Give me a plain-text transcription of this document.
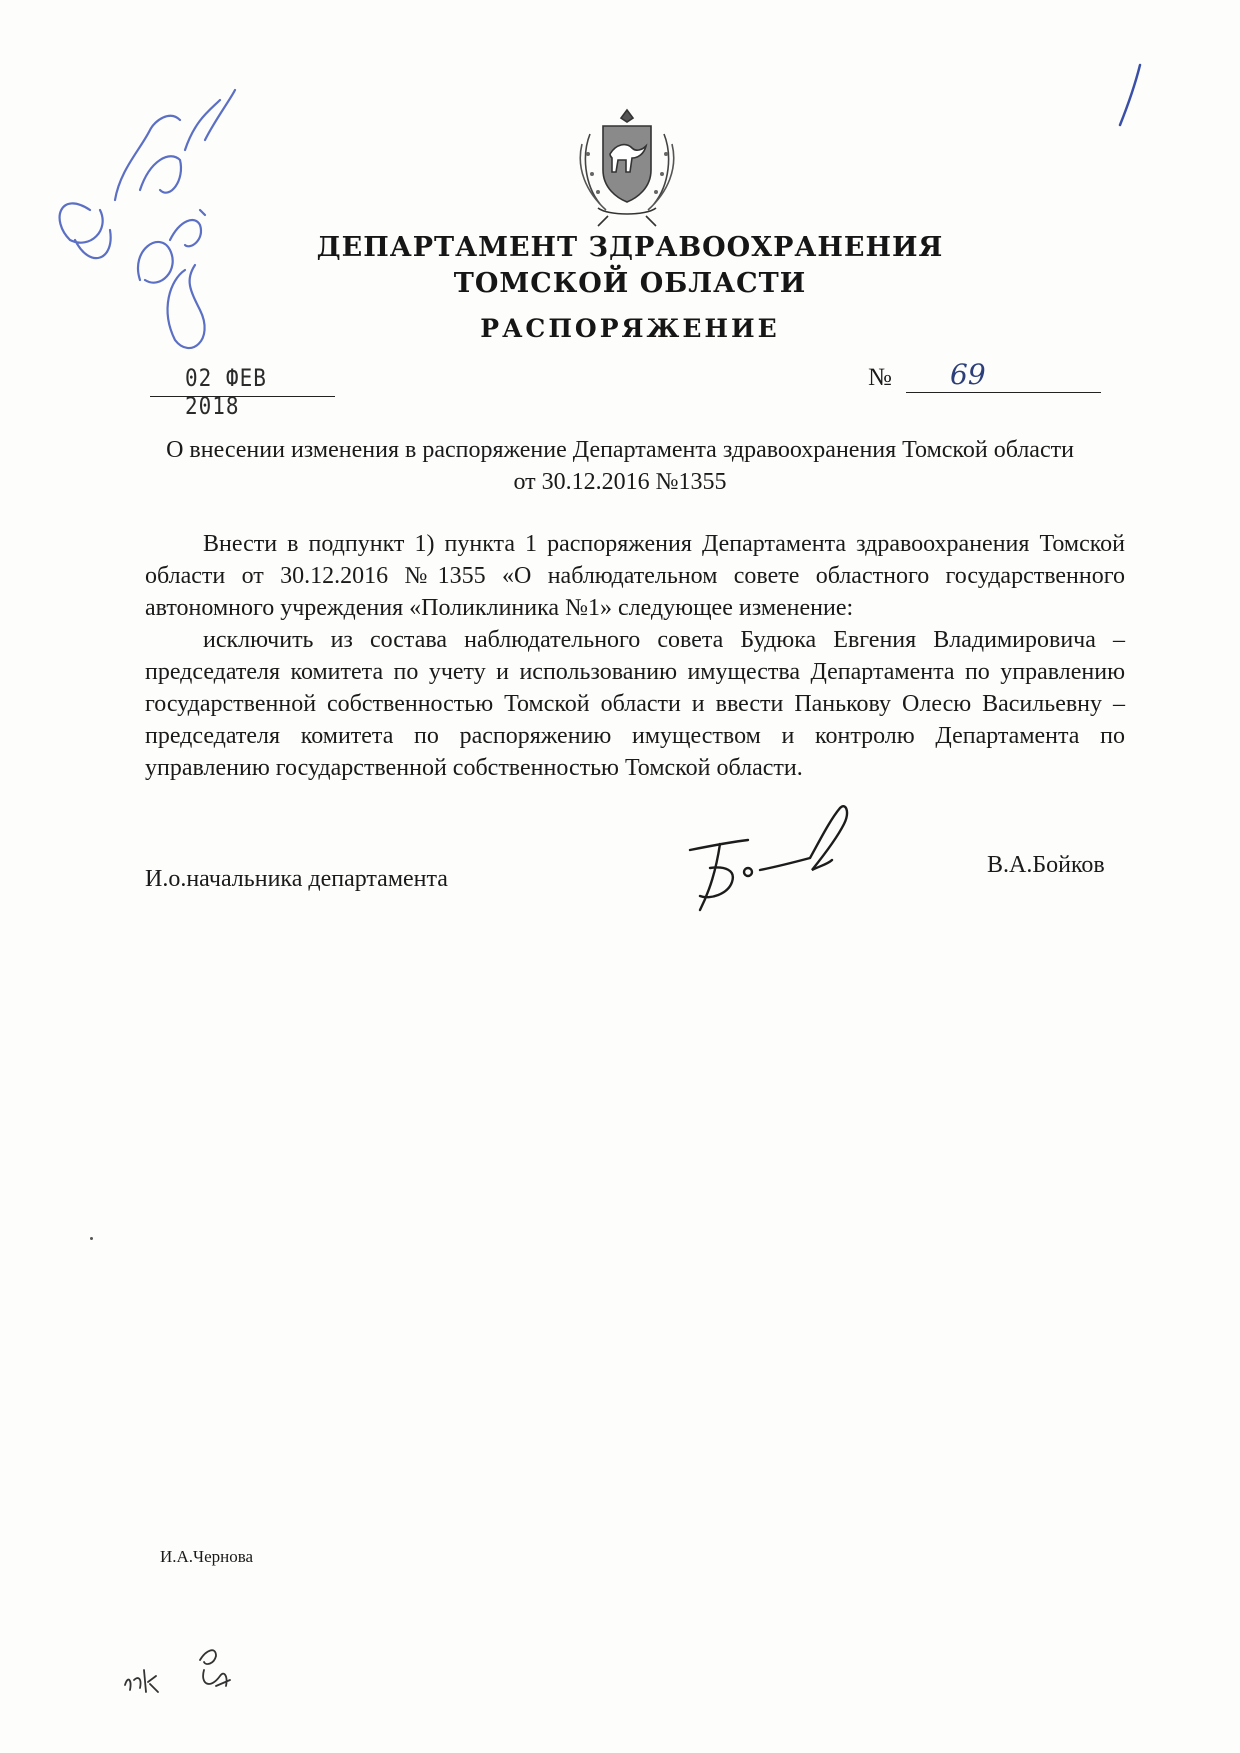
ДЕПАРТАМЕНТ ЗДРАВООХРАНЕНИЯ
ТОМСКОЙ ОБЛАСТИ
РАСПОРЯЖЕНИЕ
02 ФЕВ 2018
№ 69
О внесении изменения в распоряжение Департамента здравоохранения Томской области
от 30.12.2016 №1355

Внести в подпункт 1) пункта 1 распоряжения Департамента здравоохранения Томской области от 30.12.2016 №1355 «О наблюдательном совете областного государственного автономного учреждения «Поликлиника №1» следующее изменение:

исключить из состава наблюдательного совета Будюка Евгения Владимировича – председателя комитета по учету и использованию имущества Департамента по управлению государственной собственностью Томской области и ввести Панькову Олесю Васильевну – председателя комитета по распоряжению имуществом и контролю Департамента по управлению государственной собственностью Томской области.

И.о.начальника департамента
В.А.Бойков
И.А.Чернова
